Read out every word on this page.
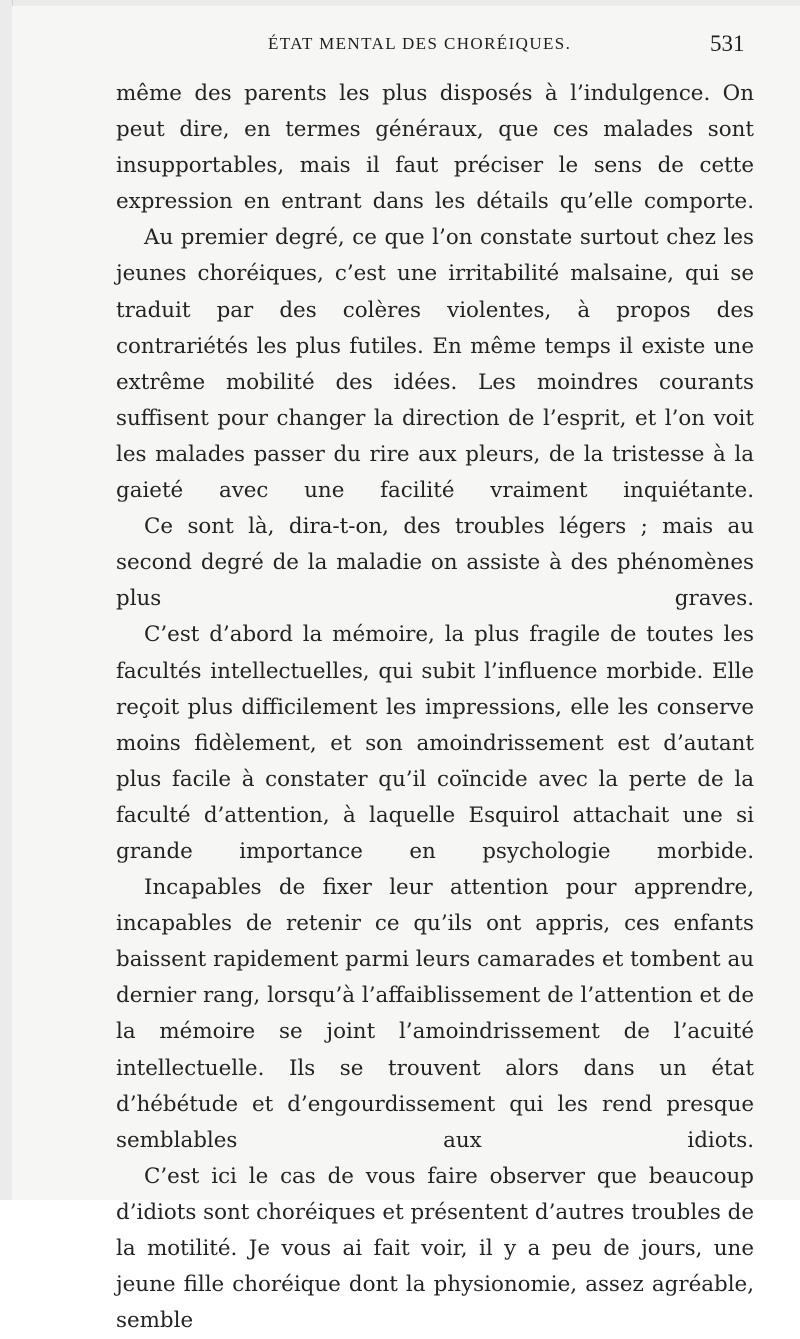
ÉTAT MENTAL DES CHORÉIQUES.	531

même des parents les plus disposés à l’indulgence. On peut dire, en termes généraux, que ces malades sont insupportables, mais il faut préciser le sens de cette expression en entrant dans les détails qu’elle comporte.

Au premier degré, ce que l’on constate surtout chez les jeunes choréiques, c’est une irritabilité malsaine, qui se traduit par des colères violentes, à propos des contrariétés les plus futiles. En même temps il existe une extrême mobilité des idées. Les moindres courants suffisent pour changer la direction de l’esprit, et l’on voit les malades passer du rire aux pleurs, de la tristesse à la gaieté avec une facilité vraiment inquiétante.

Ce sont là, dira-t-on, des troubles légers ; mais au second degré de la maladie on assiste à des phénomènes plus graves.

C’est d’abord la mémoire, la plus fragile de toutes les facultés intellectuelles, qui subit l’influence morbide. Elle reçoit plus difficilement les impressions, elle les conserve moins fidèlement, et son amoindrissement est d’autant plus facile à constater qu’il coïncide avec la perte de la faculté d’attention, à laquelle Esquirol attachait une si grande importance en psychologie morbide.

Incapables de fixer leur attention pour apprendre, incapables de retenir ce qu’ils ont appris, ces enfants baissent rapidement parmi leurs camarades et tombent au dernier rang, lorsqu’à l’affaiblissement de l’attention et de la mémoire se joint l’amoindrissement de l’acuité intellectuelle. Ils se trouvent alors dans un état d’hébétude et d’engourdissement qui les rend presque semblables aux idiots.

C’est ici le cas de vous faire observer que beaucoup d’idiots sont choréiques et présentent d’autres troubles de la motilité. Je vous ai fait voir, il y a peu de jours, une jeune fille choréique dont la physionomie, assez agréable, semble
